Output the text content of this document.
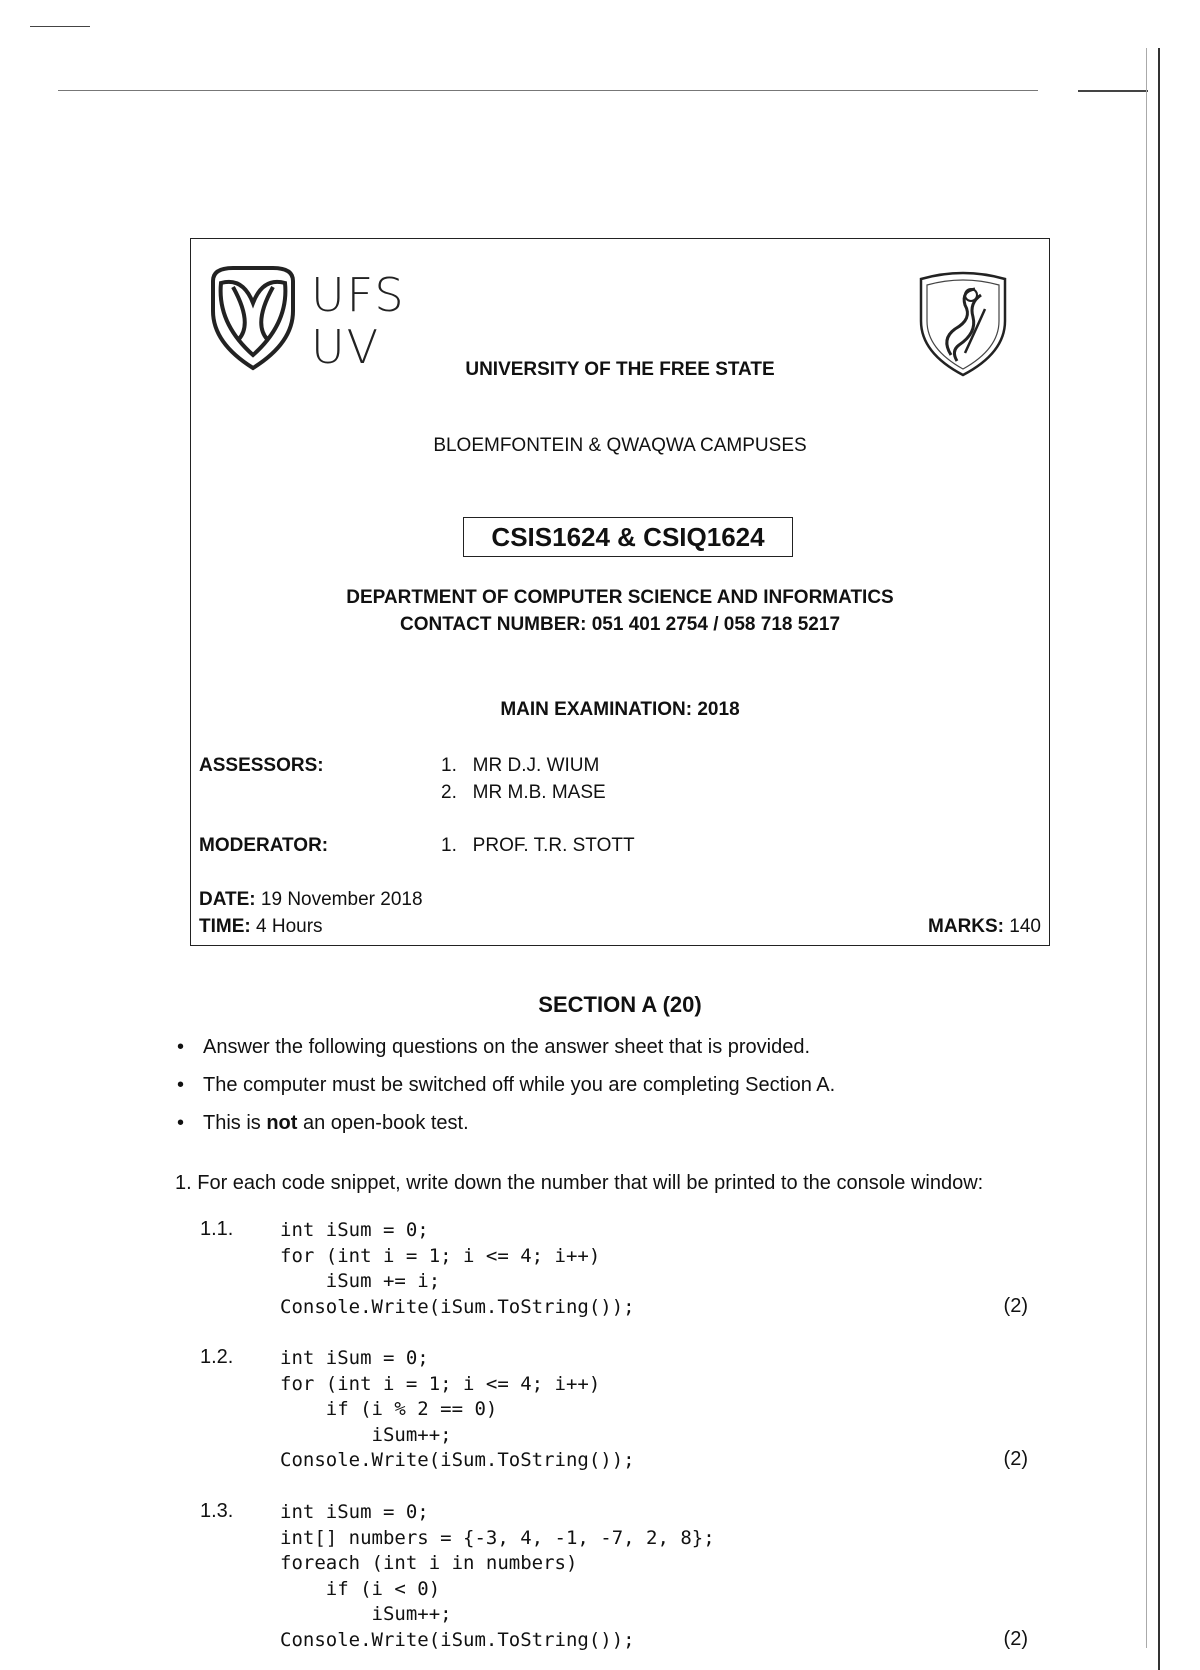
UFS
UV	UNIVERSITY OF THE FREE STATE
BLOEMFONTEIN & QWAQWA CAMPUSES
CSIS1624 & CSIQ1624
DEPARTMENT OF COMPUTER SCIENCE AND INFORMATICS
CONTACT NUMBER: 051 401 2754 / 058 718 5217
MAIN EXAMINATION: 2018
ASSESSORS:	1.   MR D.J. WIUM
2.   MR M.B. MASE
MODERATOR:	1.   PROF. T.R. STOTT
DATE: 19 November 2018
TIME: 4 Hours	MARKS: 140
SECTION A (20)
• Answer the following questions on the answer sheet that is provided.
• The computer must be switched off while you are completing Section A.
• This is not an open-book test.
1. For each code snippet, write down the number that will be printed to the console window:
1.1. int iSum = 0;
for (int i = 1; i <= 4; i++)
iSum += i;
Console.Write(iSum.ToString());	(2)
1.2. int iSum = 0;
for (int i = 1; i <= 4; i++)
if (i % 2 == 0)
iSum++;
Console.Write(iSum.ToString());	(2)
1.3. int iSum = 0;
int[] numbers = {-3, 4, -1, -7, 2, 8};
foreach (int i in numbers)
if (i < 0)
iSum++;
Console.Write(iSum.ToString());	(2)
